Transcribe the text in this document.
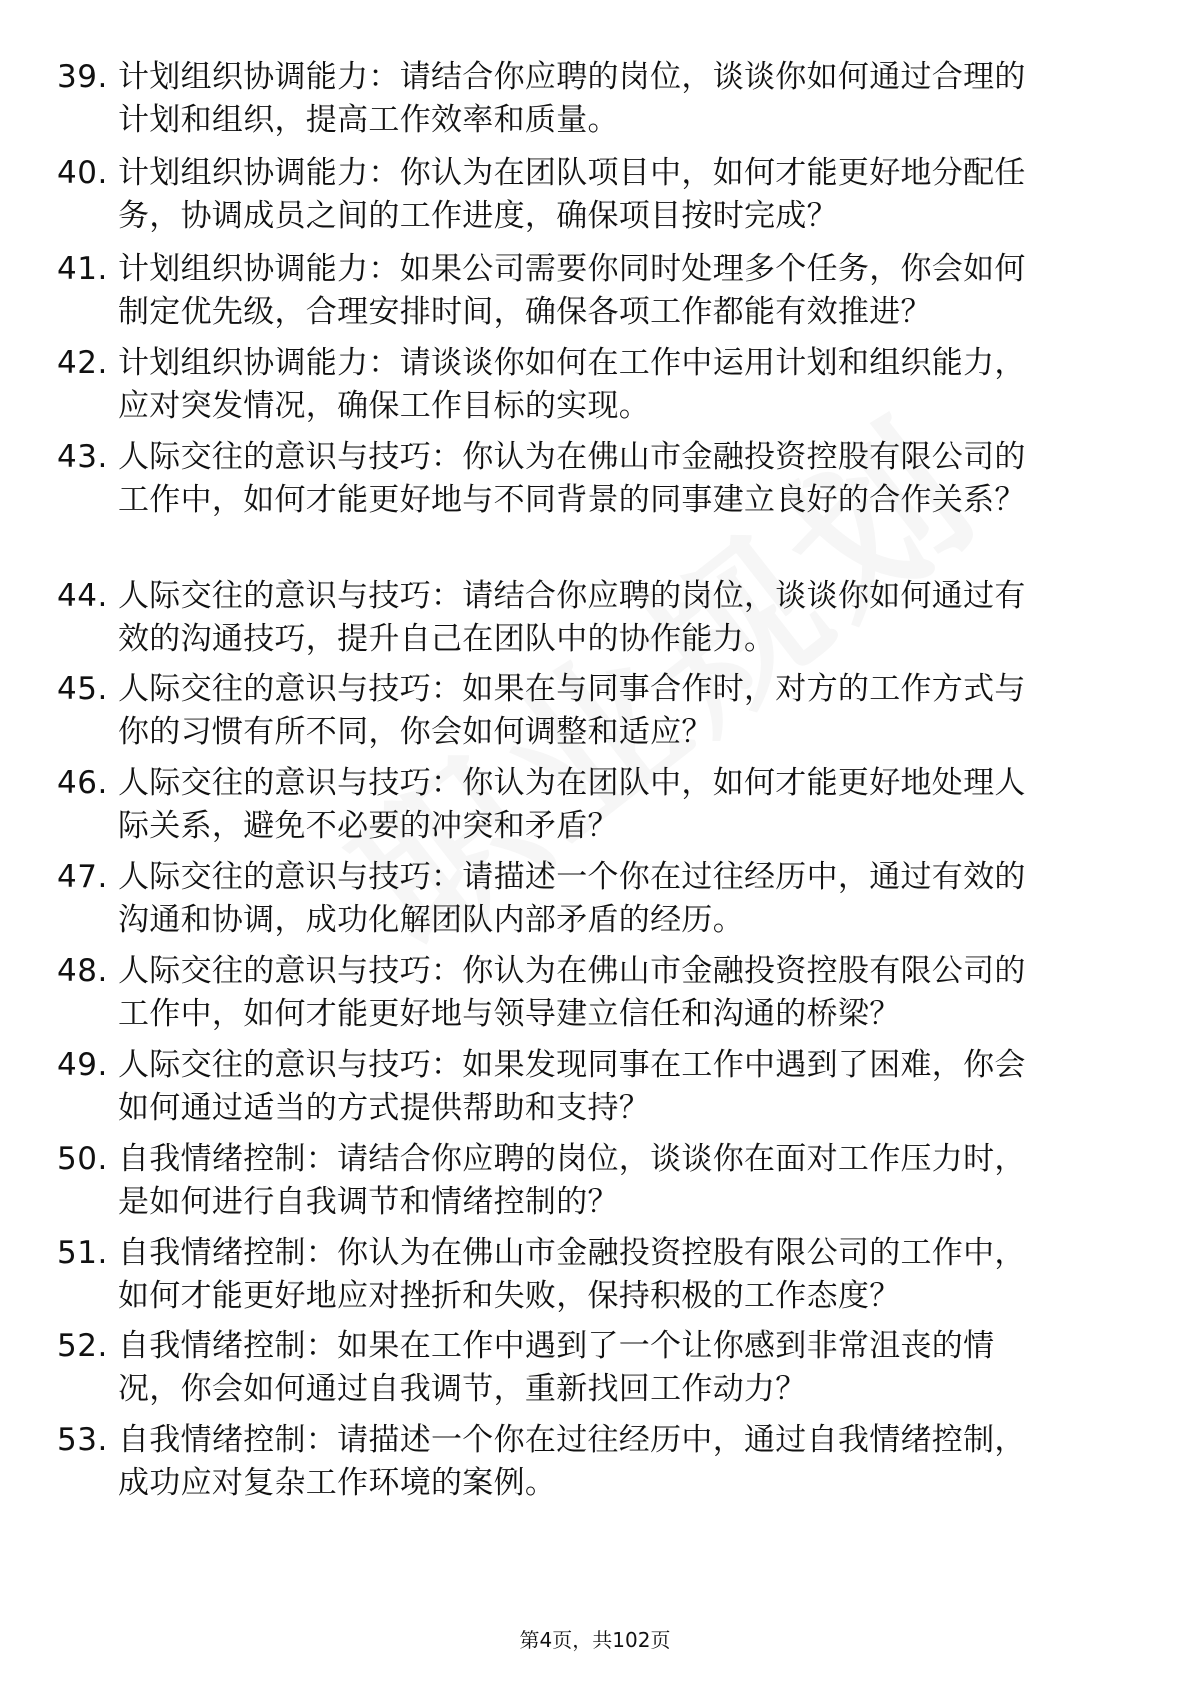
39. 计划组织协调能力：请结合你应聘的岗位，谈谈你如何通过合理的计划和组织，提高工作效率和质量。
40. 计划组织协调能力：你认为在团队项目中，如何才能更好地分配任务，协调成员之间的工作进度，确保项目按时完成？
41. 计划组织协调能力：如果公司需要你同时处理多个任务，你会如何制定优先级，合理安排时间，确保各项工作都能有效推进？
42. 计划组织协调能力：请谈谈你如何在工作中运用计划和组织能力，应对突发情况，确保工作目标的实现。
43. 人际交往的意识与技巧：你认为在佛山市金融投资控股有限公司的工作中，如何才能更好地与不同背景的同事建立良好的合作关系？
44. 人际交往的意识与技巧：请结合你应聘的岗位，谈谈你如何通过有效的沟通技巧，提升自己在团队中的协作能力。
45. 人际交往的意识与技巧：如果在与同事合作时，对方的工作方式与你的习惯有所不同，你会如何调整和适应？
46. 人际交往的意识与技巧：你认为在团队中，如何才能更好地处理人际关系，避免不必要的冲突和矛盾？
47. 人际交往的意识与技巧：请描述一个你在过往经历中，通过有效的沟通和协调，成功化解团队内部矛盾的经历。
48. 人际交往的意识与技巧：你认为在佛山市金融投资控股有限公司的工作中，如何才能更好地与领导建立信任和沟通的桥梁？
49. 人际交往的意识与技巧：如果发现同事在工作中遇到了困难，你会如何通过适当的方式提供帮助和支持？
50. 自我情绪控制：请结合你应聘的岗位，谈谈你在面对工作压力时，是如何进行自我调节和情绪控制的？
51. 自我情绪控制：你认为在佛山市金融投资控股有限公司的工作中，如何才能更好地应对挫折和失败，保持积极的工作态度？
52. 自我情绪控制：如果在工作中遇到了一个让你感到非常沮丧的情况，你会如何通过自我调节，重新找回工作动力？
53. 自我情绪控制：请描述一个你在过往经历中，通过自我情绪控制，成功应对复杂工作环境的案例。
第4页，共102页
